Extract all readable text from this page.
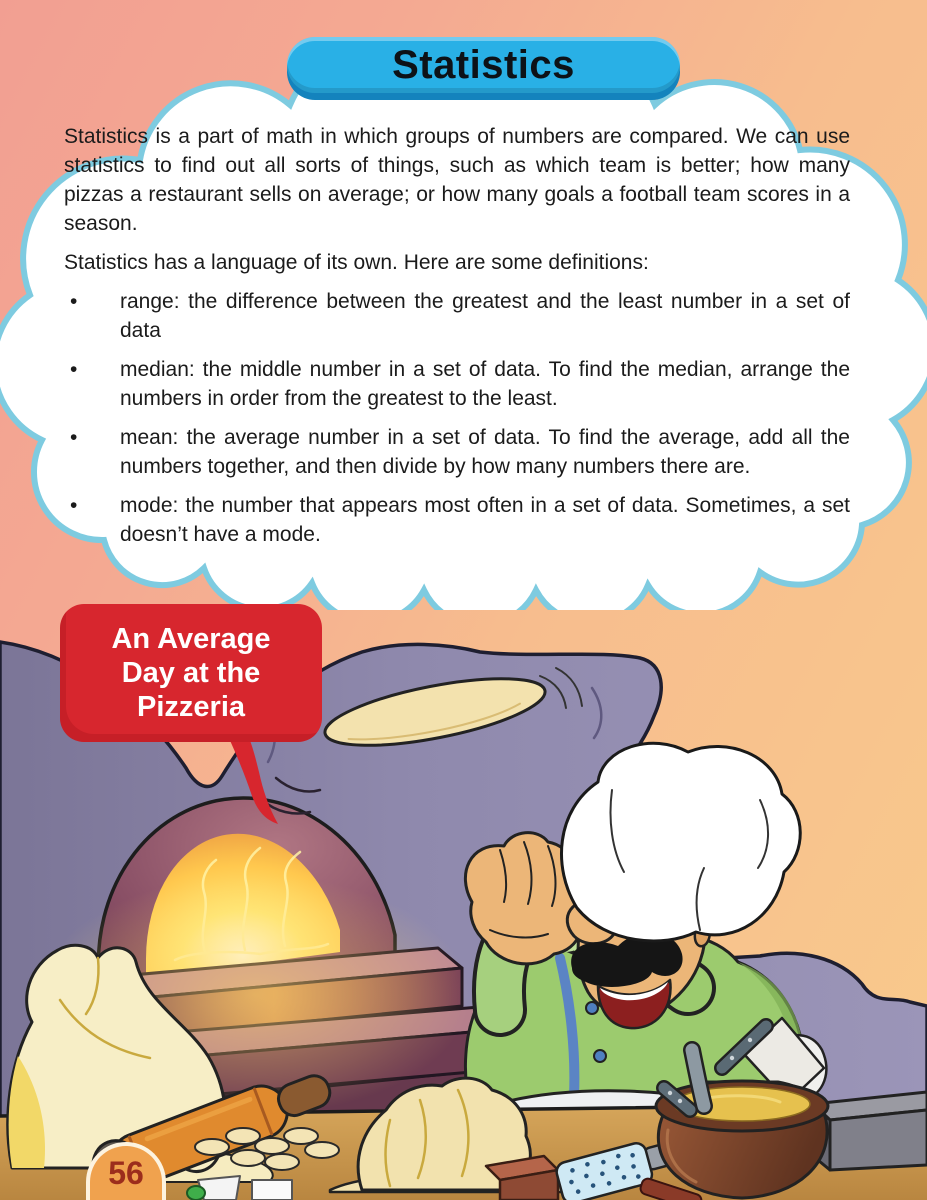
Statistics is a part of math in which groups of numbers are compared. We can use statistics to find out all sorts of things, such as which team is better; how many pizzas a restaurant sells on average; or how many goals a football team scores in a season.

Statistics has a language of its own. Here are some definitions:

• range: the difference between the greatest and the least number in a set of data
• median: the middle number in a set of data. To find the median, arrange the numbers in order from the greatest to the least.
• mean: the average number in a set of data. To find the average, add all the numbers together, and then divide by how many numbers there are.
• mode: the number that appears most often in a set of data. Sometimes, a set doesn’t have a mode.
Statistics
An Average
Day at the
Pizzeria
56
